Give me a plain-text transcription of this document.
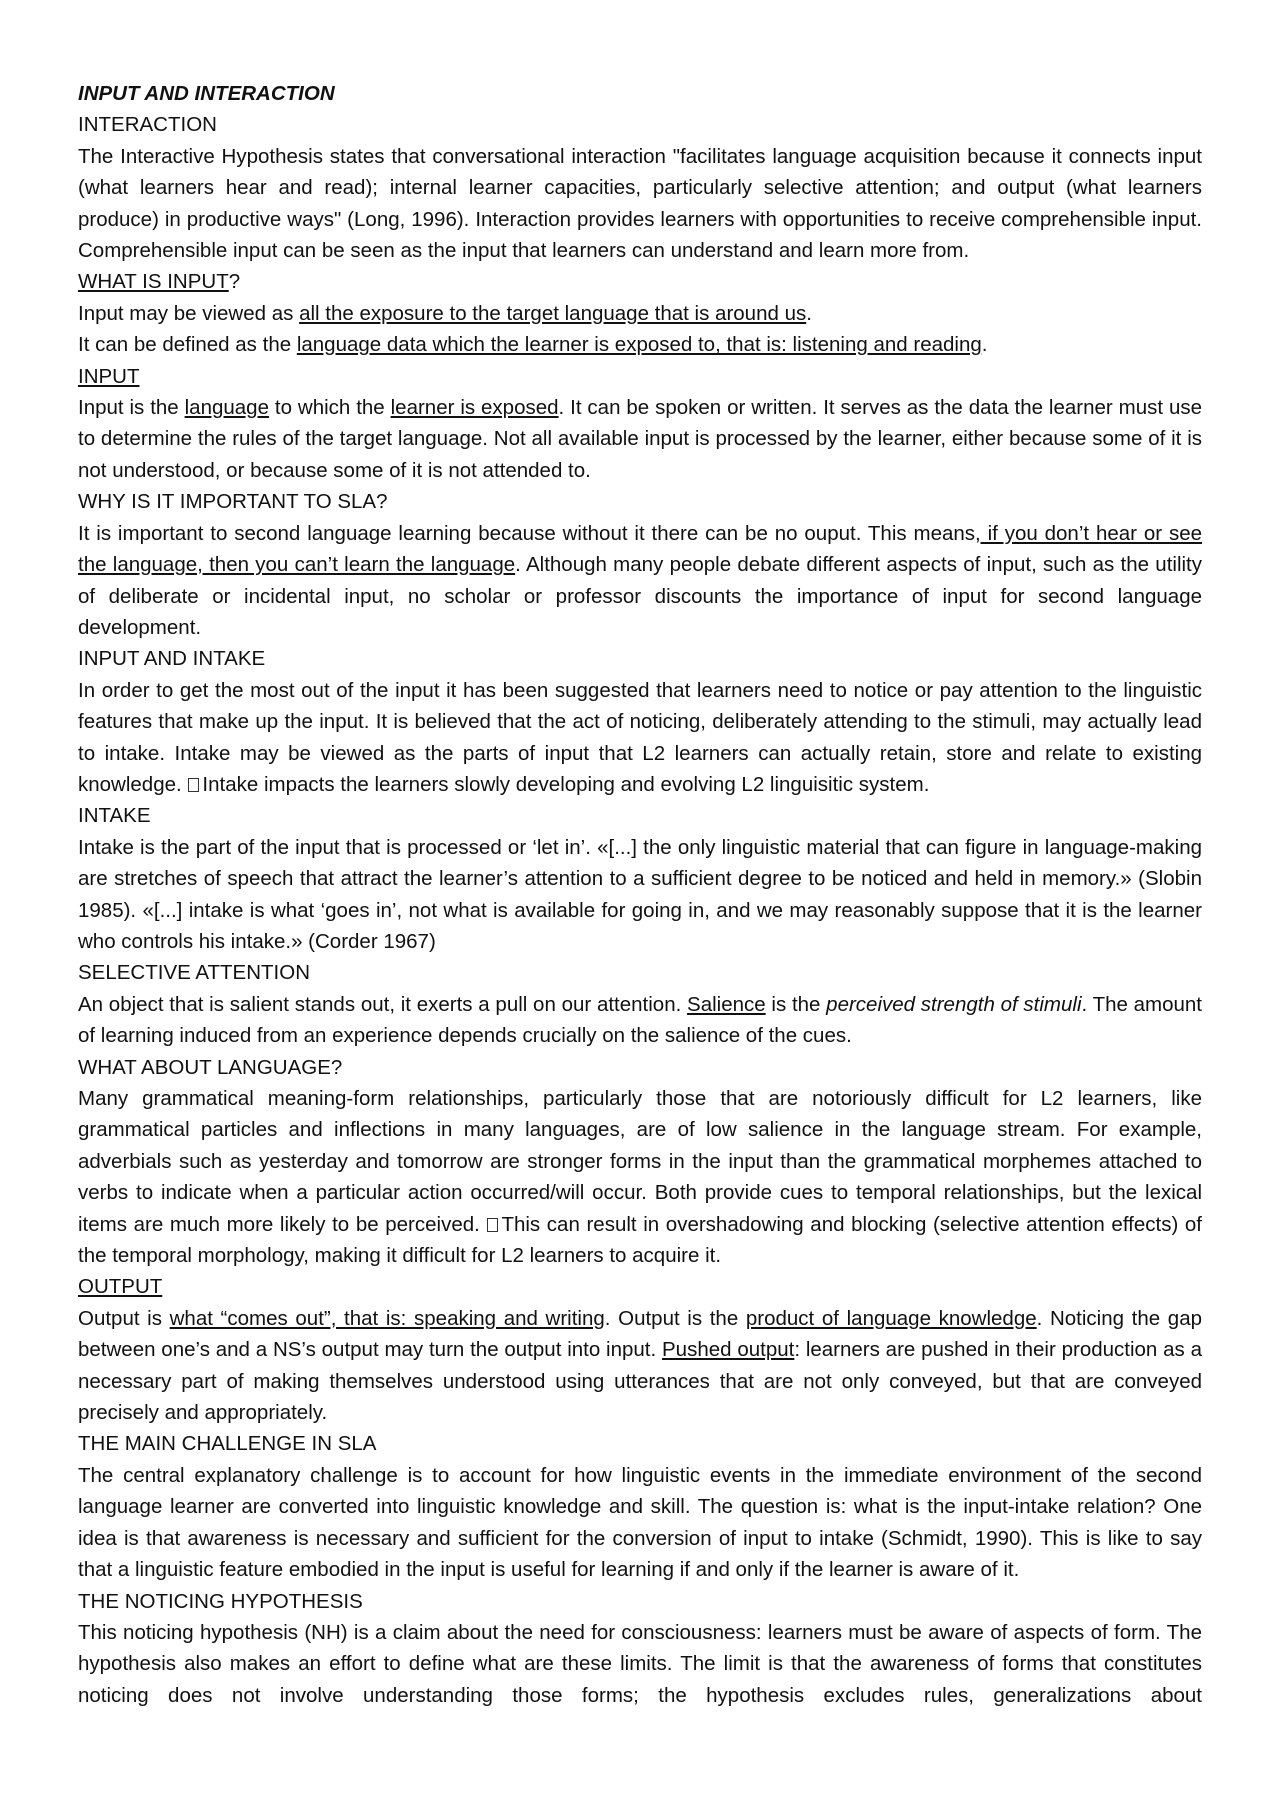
INPUT AND INTERACTION

INTERACTION

The Interactive Hypothesis states that conversational interaction "facilitates language acquisition because it connects input (what learners hear and read); internal learner capacities, particularly selective attention; and output (what learners produce) in productive ways" (Long, 1996). Interaction provides learners with opportunities to receive comprehensible input. Comprehensible input can be seen as the input that learners can understand and learn more from.

WHAT IS INPUT?

Input may be viewed as all the exposure to the target language that is around us.

It can be defined as the language data which the learner is exposed to, that is: listening and reading.

INPUT

Input is the language to which the learner is exposed. It can be spoken or written. It serves as the data the learner must use to determine the rules of the target language. Not all available input is processed by the learner, either because some of it is not understood, or because some of it is not attended to.

WHY IS IT IMPORTANT TO SLA?

It is important to second language learning because without it there can be no ouput. This means, if you don’t hear or see the language, then you can’t learn the language. Although many people debate different aspects of input, such as the utility of deliberate or incidental input, no scholar or professor discounts the importance of input for second language development.

INPUT AND INTAKE

In order to get the most out of the input it has been suggested that learners need to notice or pay attention to the linguistic features that make up the input. It is believed that the act of noticing, deliberately attending to the stimuli, may actually lead to intake. Intake may be viewed as the parts of input that L2 learners can actually retain, store and relate to existing knowledge. Intake impacts the learners slowly developing and evolving L2 linguisitic system.

INTAKE

Intake is the part of the input that is processed or ‘let in’. «[...] the only linguistic material that can figure in language-making are stretches of speech that attract the learner’s attention to a sufficient degree to be noticed and held in memory.» (Slobin 1985). «[...] intake is what ‘goes in’, not what is available for going in, and we may reasonably suppose that it is the learner who controls his intake.» (Corder 1967)

SELECTIVE ATTENTION

An object that is salient stands out, it exerts a pull on our attention. Salience is the perceived strength of stimuli. The amount of learning induced from an experience depends crucially on the salience of the cues.

WHAT ABOUT LANGUAGE?

Many grammatical meaning-form relationships, particularly those that are notoriously difficult for L2 learners, like grammatical particles and inflections in many languages, are of low salience in the language stream. For example, adverbials such as yesterday and tomorrow are stronger forms in the input than the grammatical morphemes attached to verbs to indicate when a particular action occurred/will occur. Both provide cues to temporal relationships, but the lexical items are much more likely to be perceived. This can result in overshadowing and blocking (selective attention effects) of the temporal morphology, making it difficult for L2 learners to acquire it.

OUTPUT

Output is what “comes out”, that is: speaking and writing. Output is the product of language knowledge. Noticing the gap between one’s and a NS’s output may turn the output into input. Pushed output: learners are pushed in their production as a necessary part of making themselves understood using utterances that are not only conveyed, but that are conveyed precisely and appropriately.

THE MAIN CHALLENGE IN SLA

The central explanatory challenge is to account for how linguistic events in the immediate environment of the second language learner are converted into linguistic knowledge and skill. The question is: what is the input-intake relation? One idea is that awareness is necessary and sufficient for the conversion of input to intake (Schmidt, 1990). This is like to say that a linguistic feature embodied in the input is useful for learning if and only if the learner is aware of it.

THE NOTICING HYPOTHESIS

This noticing hypothesis (NH) is a claim about the need for consciousness: learners must be aware of aspects of form. The hypothesis also makes an effort to define what are these limits. The limit is that the awareness of forms that constitutes noticing does not involve understanding those forms; the hypothesis excludes rules, generalizations about
